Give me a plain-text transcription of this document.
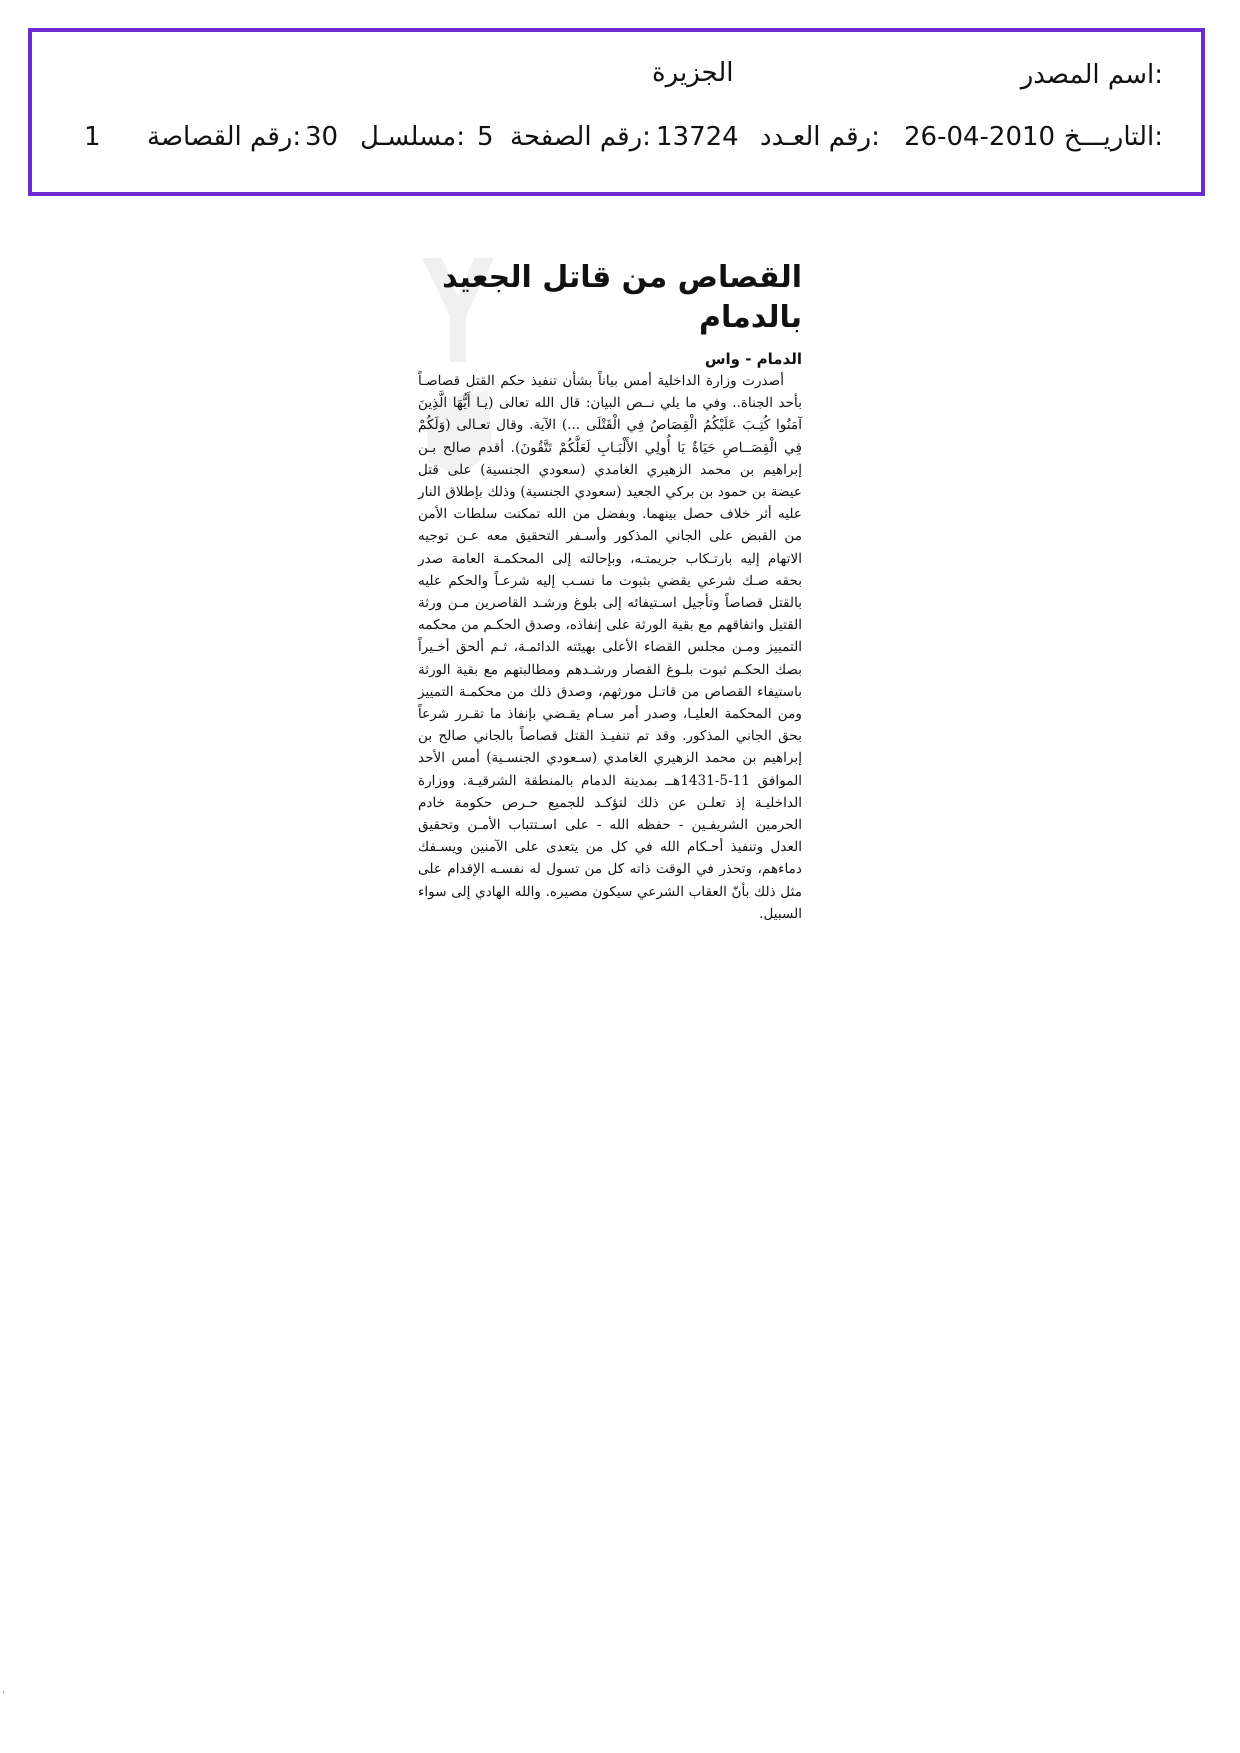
اسم المصدر:
الجزيرة
التاريـــخ:
26-04-2010
رقم العـدد:
13724
رقم الصفحة:
5
مسلسـل:
30
رقم القصاصة:
1
القصاص من قاتل الجعيد بالدمام
الدمام - واس

أصدرت وزارة الداخلية أمس بياناً بشأن تنفيذ حكم القتل قصاصـاً بأحد الجناة.. وفي ما يلي نــص البيان: قال الله تعالى (يـا أَيُّهَا الَّذِينَ آمَنُوا كُتِـبَ عَلَيْكُمُ الْقِصَاصُ فِي الْقَتْلَى ...) الآية. وقال تعـالى (وَلَكُمْ فِي الْقِصَــاصِ حَيَاةٌ يَا أُولِي الأَلْبَـابِ لَعَلَّكُمْ تَتَّقُونَ). أقدم صالح بـن إبراهيم بن محمد الزهيري الغامدي (سعودي الجنسية) على قتل عيضة بن حمود بن بركي الجعيد (سعودي الجنسية) وذلك بإطلاق النار عليه أثر خلاف حصل بينهما. وبفضل من الله تمكنت سلطات الأمن من القبض على الجاني المذكور وأسـفر التحقيق معه عـن توجيه الاتهام إليه بارتـكاب جريمتـه، وبإحالته إلى المحكمـة العامة صدر بحقه صـك شرعي يقضي بثبوت ما نسـب إليه شرعـاً والحكم عليه بالقتل قصاصاً وتأجيل اسـتيفائه إلى بلوغ ورشـد القاصرين مـن ورثة القتيل واتفاقهم مع بقية الورثة على إنفاذه، وصدق الحكـم من محكمه التمييز ومـن مجلس القضاء الأعلى بهيئته الدائمـة، ثـم ألحق أخـيراً بصك الحكـم ثبوت بلـوغ القصار ورشـدهم ومطالبتهم مع بقية الورثة باستيفاء القصاص من قاتـل مورثهم، وصدق ذلك من محكمـة التمييز ومن المحكمة العليـا، وصدر أمر سـام يقـضي بإنفاذ ما تقـرر شرعاً بحق الجاني المذكور. وقد تم تنفيـذ القتل قصاصاً بالجاني صالح بن إبراهيم بن محمد الزهيري الغامدي (سـعودي الجنسـية) أمس الأحد الموافق 11-5-1431هــ بمدينة الدمام بالمنطقة الشرقيـة. ووزارة الداخليـة إذ تعلـن عن ذلك لتؤكـد للجميع حـرص حكومة خادم الحرمين الشريفـين - حفظه الله - على اسـتتباب الأمـن وتحقيق العدل وتنفيذ أحـكام الله في كل من يتعدى على الآمنين ويسـفك دماءهم، وتحذر في الوقت ذاته كل من تسول له نفسـه الإقدام على مثل ذلك بأنّ العقاب الشرعي سيكون مصيره. والله الهادي إلى سواء السبيل.

·
